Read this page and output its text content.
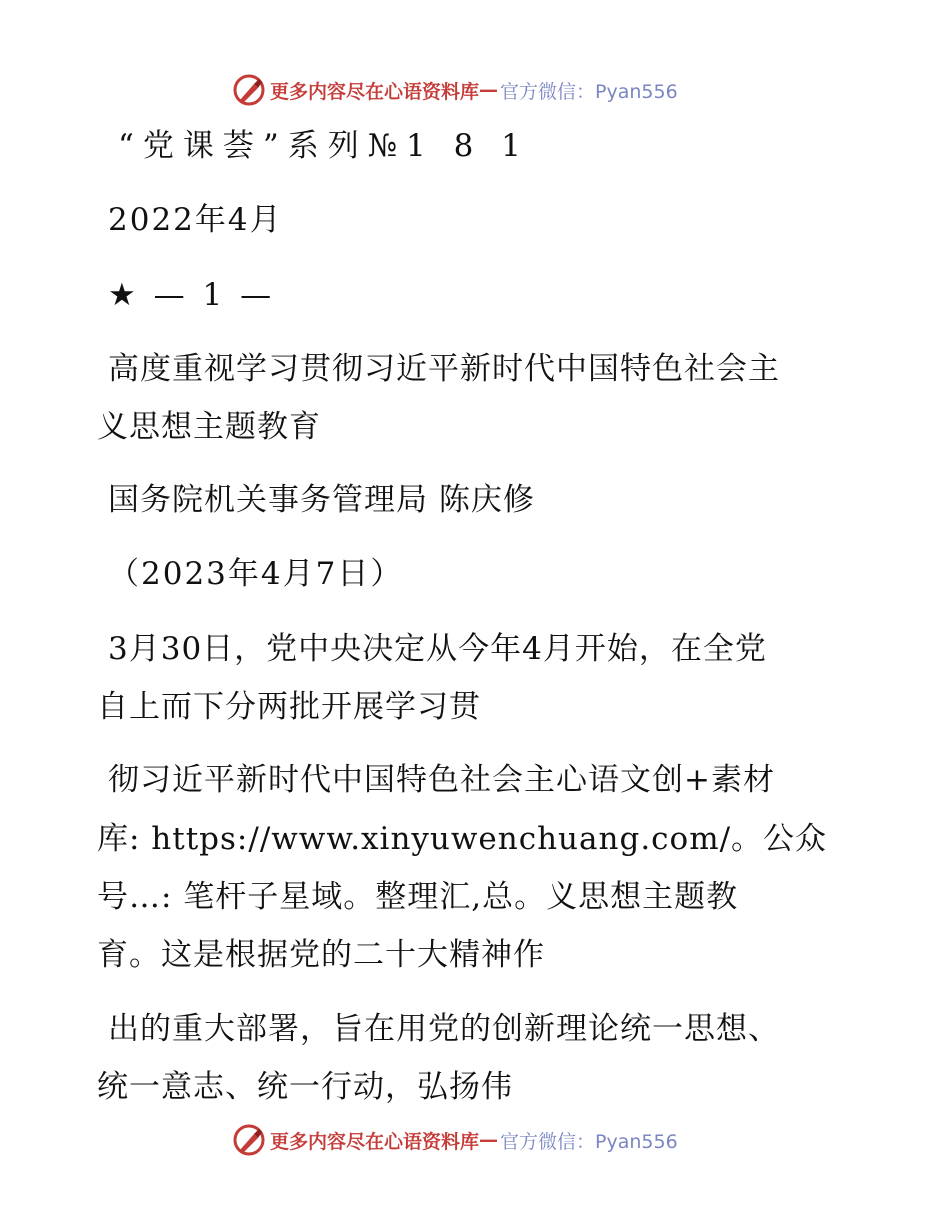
更多内容尽在心语资料库 — 官方微信：Pyan556
“党课荟”系列№1 8 1
2022年4月
★ — 1 —
高度重视学习贯彻习近平新时代中国特色社会主
义思想主题教育
国务院机关事务管理局 陈庆修
（2023年4月7日）
3月30日，党中央决定从今年4月开始，在全党
自上而下分两批开展学习贯
彻习近平新时代中国特色社会主心语文创+素材
库: https://www.xinyuwenchuang.com/。公众
号…: 笔杆子星域。整理汇,总。义思想主题教
育。这是根据党的二十大精神作
出的重大部署，旨在用党的创新理论统一思想、
统一意志、统一行动，弘扬伟
更多内容尽在心语资料库 — 官方微信：Pyan556
